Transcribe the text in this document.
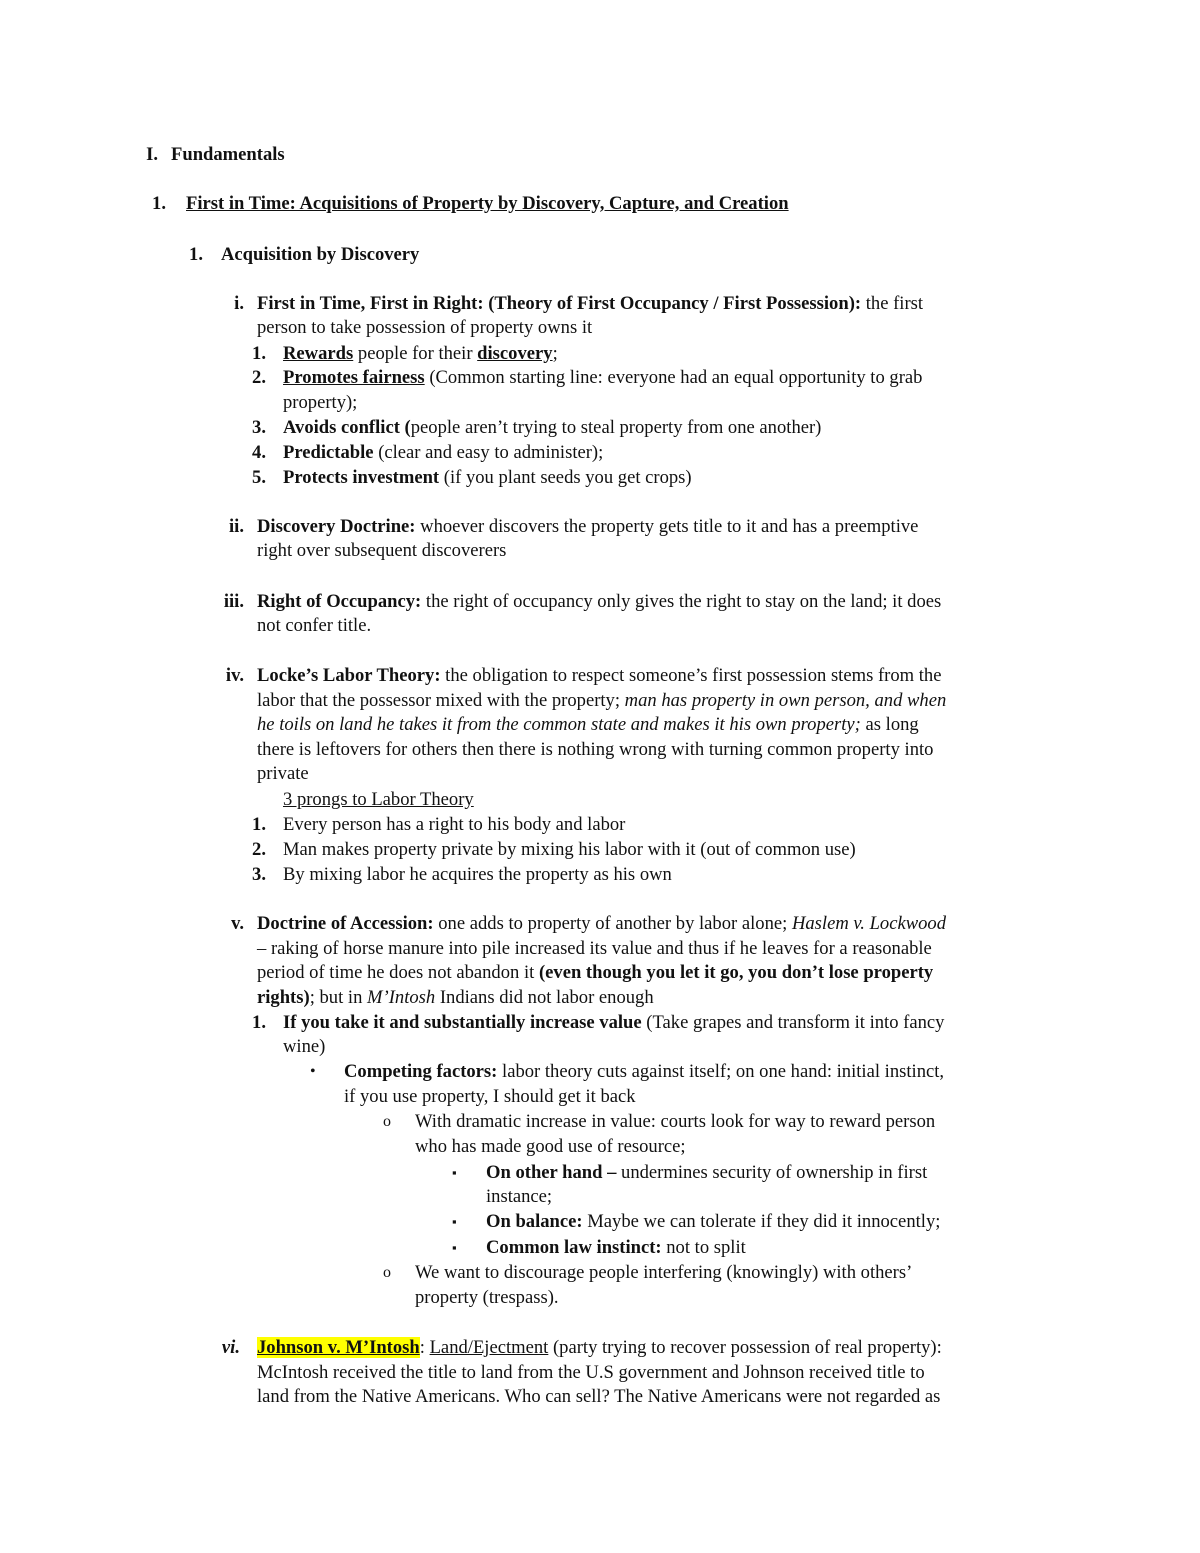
I. Fundamentals
1. First in Time: Acquisitions of Property by Discovery, Capture, and Creation
1. Acquisition by Discovery
i. First in Time, First in Right: (Theory of First Occupancy / First Possession): the first
person to take possession of property owns it
1. Rewards people for their discovery;
2. Promotes fairness (Common starting line: everyone had an equal opportunity to grab
property);
3. Avoids conflict (people aren’t trying to steal property from one another)
4. Predictable (clear and easy to administer);
5. Protects investment (if you plant seeds you get crops)
ii. Discovery Doctrine: whoever discovers the property gets title to it and has a preemptive
right over subsequent discoverers
iii. Right of Occupancy: the right of occupancy only gives the right to stay on the land; it does
not confer title.
iv. Locke’s Labor Theory: the obligation to respect someone’s first possession stems from the
labor that the possessor mixed with the property; man has property in own person, and when
he toils on land he takes it from the common state and makes it his own property; as long
there is leftovers for others then there is nothing wrong with turning common property into
private
3 prongs to Labor Theory
1. Every person has a right to his body and labor
2. Man makes property private by mixing his labor with it (out of common use)
3. By mixing labor he acquires the property as his own
v. Doctrine of Accession: one adds to property of another by labor alone; Haslem v. Lockwood
– raking of horse manure into pile increased its value and thus if he leaves for a reasonable
period of time he does not abandon it (even though you let it go, you don’t lose property
rights); but in M’Intosh Indians did not labor enough
1. If you take it and substantially increase value (Take grapes and transform it into fancy
wine)
• Competing factors: labor theory cuts against itself; on one hand: initial instinct,
if you use property, I should get it back
o With dramatic increase in value: courts look for way to reward person
who has made good use of resource;
▪ On other hand – undermines security of ownership in first
instance;
▪ On balance: Maybe we can tolerate if they did it innocently;
▪ Common law instinct: not to split
o We want to discourage people interfering (knowingly) with others’
property (trespass).
vi. Johnson v. M’Intosh: Land/Ejectment (party trying to recover possession of real property):
McIntosh received the title to land from the U.S government and Johnson received title to
land from the Native Americans. Who can sell? The Native Americans were not regarded as
